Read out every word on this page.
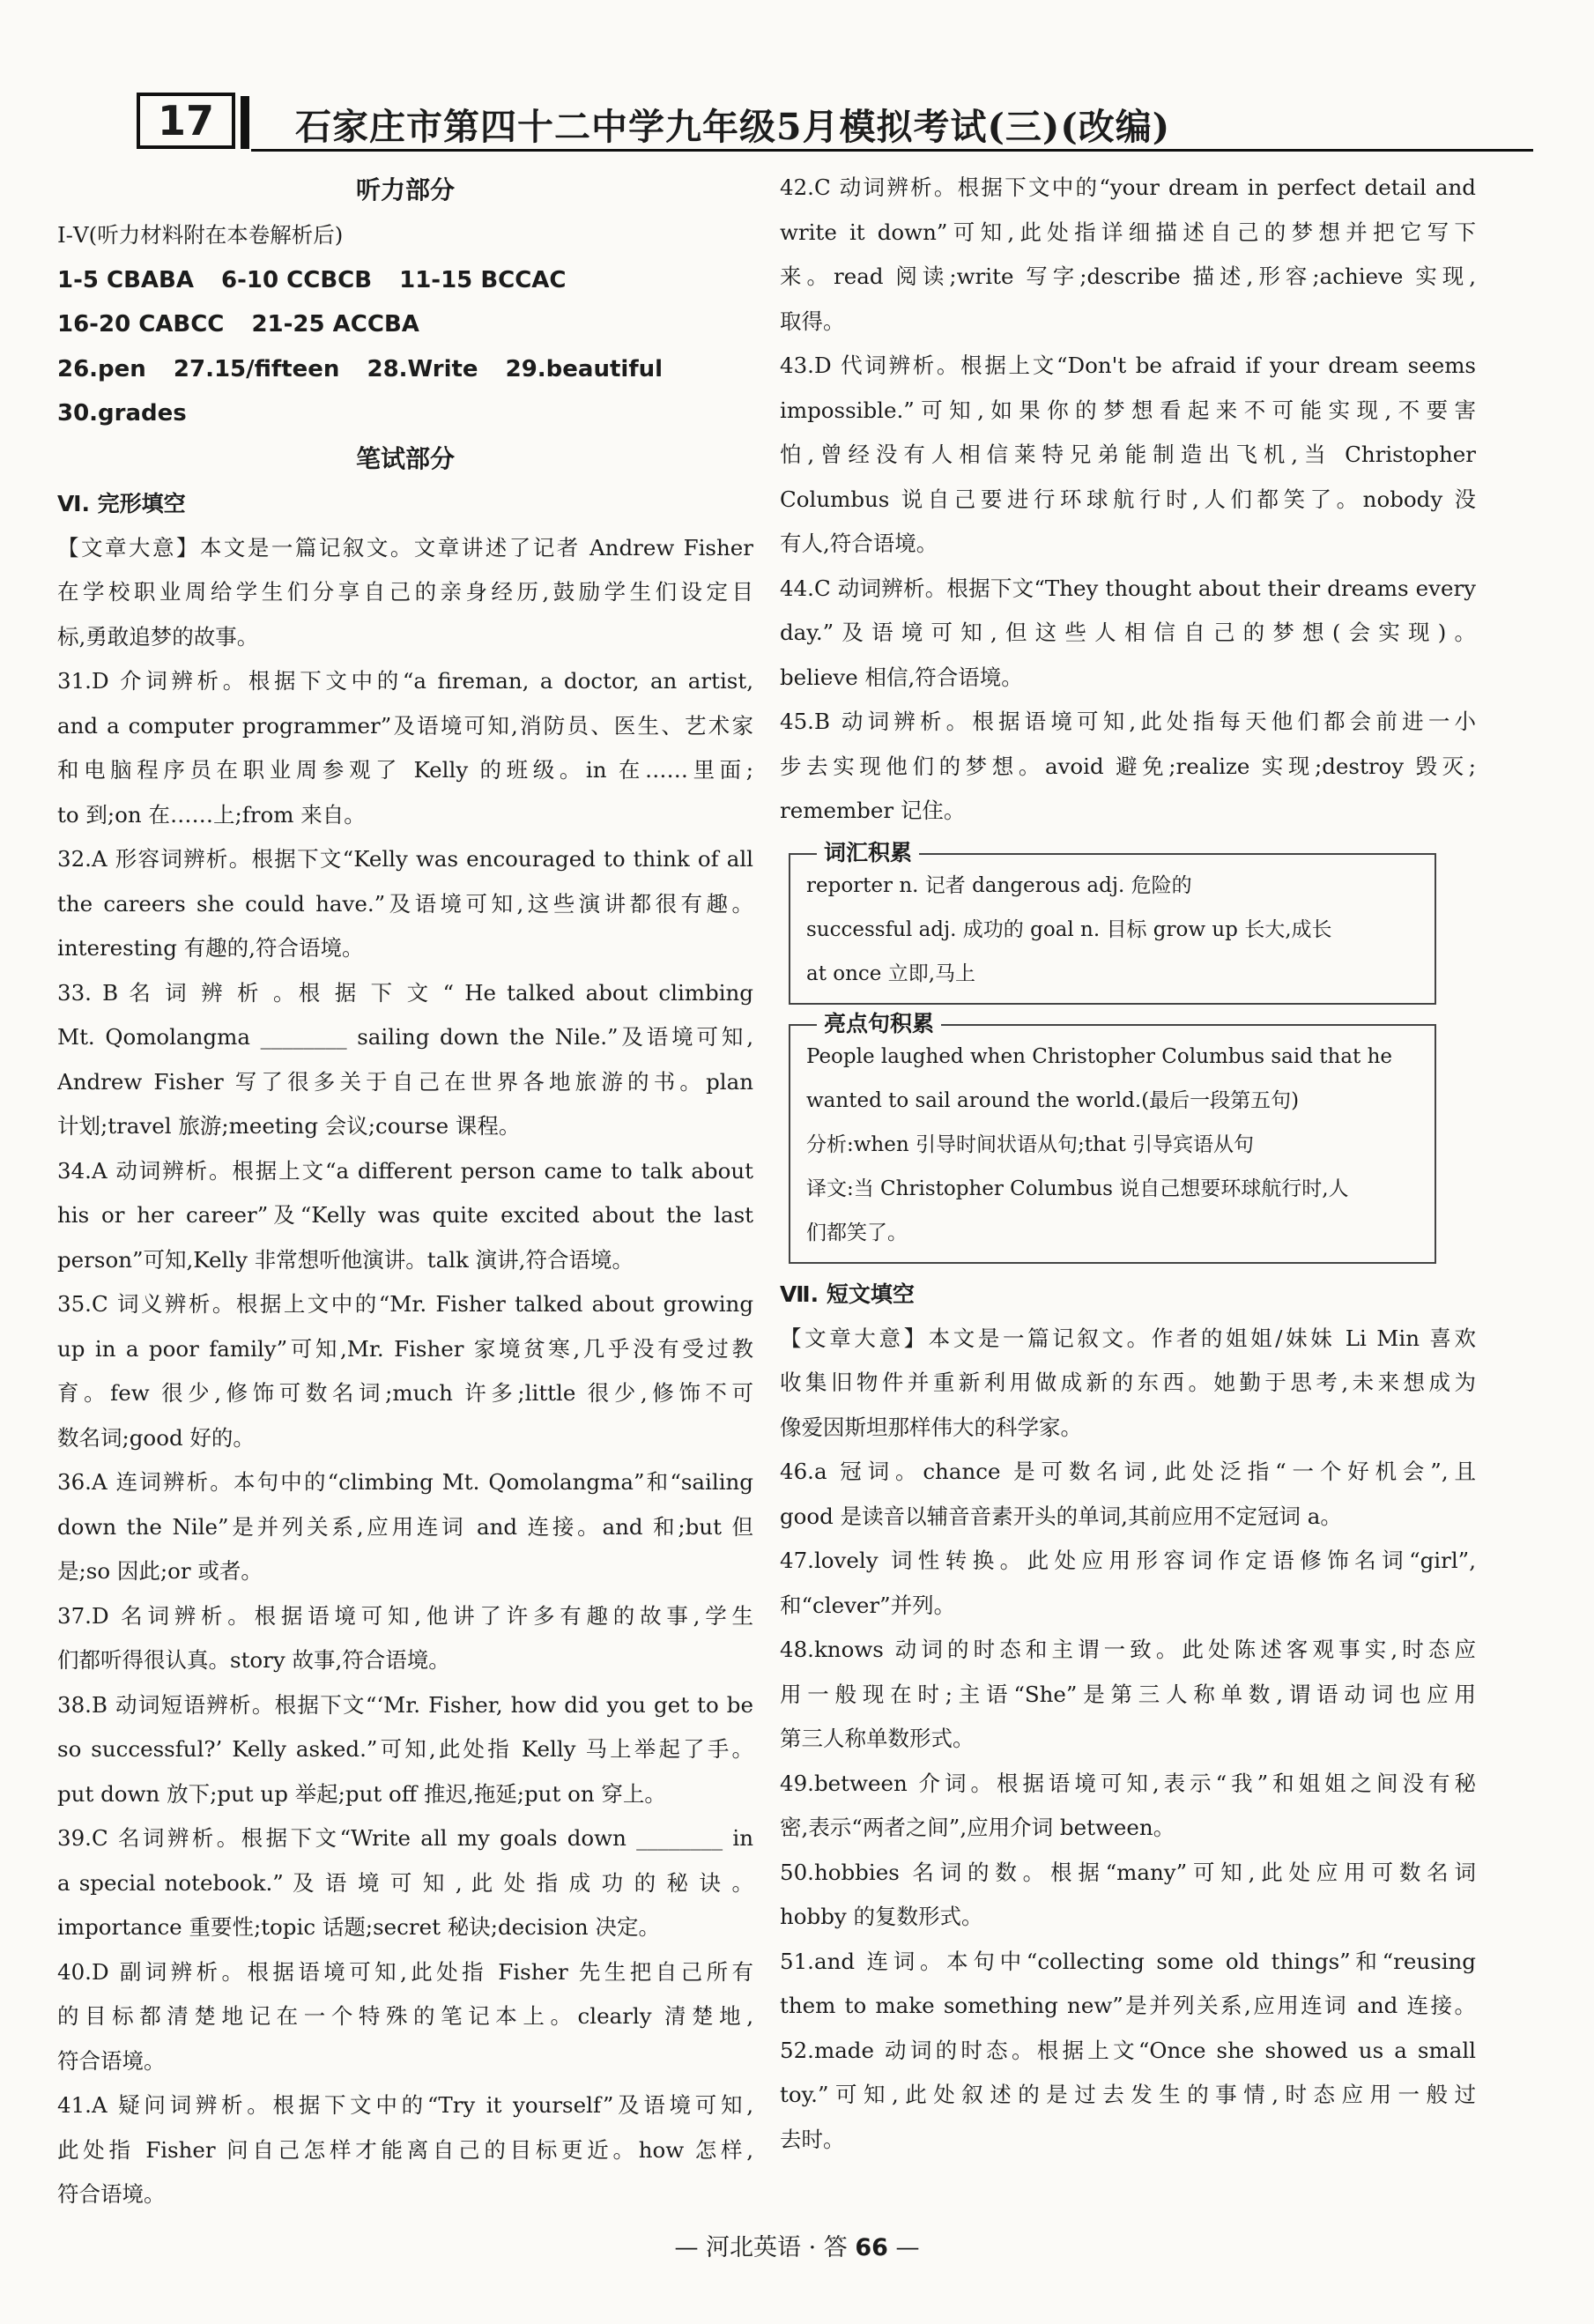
17	石家庄市第四十二中学九年级5月模拟考试(三)(改编)
听力部分
Ⅰ-Ⅴ(听力材料附在本卷解析后)
1-5 CBABA 6-10 CCBCB 11-15 BCCAC
16-20 CABCC 21-25 ACCBA
26.pen 27.15/fifteen 28.Write 29.beautiful
30.grades
笔试部分
Ⅵ. 完形填空
【文章大意】本文是一篇记叙文。文章讲述了记者 Andrew Fisher
在学校职业周给学生们分享自己的亲身经历,鼓励学生们设定目
标,勇敢追梦的故事。
31.D 介词辨析。根据下文中的“a fireman, a doctor, an artist,
and a computer programmer”及语境可知,消防员、医生、艺术家
和电脑程序员在职业周参观了 Kelly 的班级。in 在……里面;
to 到;on 在……上;from 来自。
32.A 形容词辨析。根据下文“Kelly was encouraged to think of all
the careers she could have.”及语境可知,这些演讲都很有趣。
interesting 有趣的,符合语境。
33. B 名 词 辨 析 。根 据 下 文 “ He talked about climbing
Mt. Qomolangma ________ sailing down the Nile.”及语境可知,
Andrew Fisher 写了很多关于自己在世界各地旅游的书。plan
计划;travel 旅游;meeting 会议;course 课程。
34.A 动词辨析。根据上文“a different person came to talk about
his or her career”及“Kelly was quite excited about the last
person”可知,Kelly 非常想听他演讲。talk 演讲,符合语境。
35.C 词义辨析。根据上文中的“Mr. Fisher talked about growing
up in a poor family”可知,Mr. Fisher 家境贫寒,几乎没有受过教
育。few 很少,修饰可数名词;much 许多;little 很少,修饰不可
数名词;good 好的。
36.A 连词辨析。本句中的“climbing Mt. Qomolangma”和“sailing
down the Nile”是并列关系,应用连词 and 连接。and 和;but 但
是;so 因此;or 或者。
37.D 名词辨析。根据语境可知,他讲了许多有趣的故事,学生
们都听得很认真。story 故事,符合语境。
38.B 动词短语辨析。根据下文“‘Mr. Fisher, how did you get to be
so successful?’ Kelly asked.”可知,此处指 Kelly 马上举起了手。
put down 放下;put up 举起;put off 推迟,拖延;put on 穿上。
39.C 名词辨析。根据下文“Write all my goals down ________ in
a special notebook.” 及 语 境 可 知 , 此 处 指 成 功 的 秘 诀 。
importance 重要性;topic 话题;secret 秘诀;decision 决定。
40.D 副词辨析。根据语境可知,此处指 Fisher 先生把自己所有
的目标都清楚地记在一个特殊的笔记本上。clearly 清楚地,
符合语境。
41.A 疑问词辨析。根据下文中的“Try it yourself”及语境可知,
此处指 Fisher 问自己怎样才能离自己的目标更近。how 怎样,
符合语境。
42.C 动词辨析。根据下文中的“your dream in perfect detail and
write it down”可知,此处指详细描述自己的梦想并把它写下
来。read 阅读;write 写字;describe 描述,形容;achieve 实现,
取得。
43.D 代词辨析。根据上文“Don't be afraid if your dream seems
impossible.”可知,如果你的梦想看起来不可能实现,不要害
怕,曾经没有人相信莱特兄弟能制造出飞机,当 Christopher
Columbus 说自己要进行环球航行时,人们都笑了。nobody 没
有人,符合语境。
44.C 动词辨析。根据下文“They thought about their dreams every
day.”及语境可知,但这些人相信自己的梦想(会实现)。
believe 相信,符合语境。
45.B 动词辨析。根据语境可知,此处指每天他们都会前进一小
步去实现他们的梦想。avoid 避免;realize 实现;destroy 毁灭;
remember 记住。
词汇积累
reporter n. 记者 dangerous adj. 危险的
successful adj. 成功的 goal n. 目标 grow up 长大,成长
at once 立即,马上
亮点句积累
People laughed when Christopher Columbus said that he
wanted to sail around the world.(最后一段第五句)
分析:when 引导时间状语从句;that 引导宾语从句
译文:当 Christopher Columbus 说自己想要环球航行时,人
们都笑了。
Ⅶ. 短文填空
【文章大意】本文是一篇记叙文。作者的姐姐/妹妹 Li Min 喜欢
收集旧物件并重新利用做成新的东西。她勤于思考,未来想成为
像爱因斯坦那样伟大的科学家。
46.a 冠词。chance 是可数名词,此处泛指“一个好机会”,且
good 是读音以辅音音素开头的单词,其前应用不定冠词 a。
47.lovely 词性转换。此处应用形容词作定语修饰名词“girl”,
和“clever”并列。
48.knows 动词的时态和主谓一致。此处陈述客观事实,时态应
用一般现在时;主语“She”是第三人称单数,谓语动词也应用
第三人称单数形式。
49.between 介词。根据语境可知,表示“我”和姐姐之间没有秘
密,表示“两者之间”,应用介词 between。
50.hobbies 名词的数。根据“many”可知,此处应用可数名词
hobby 的复数形式。
51.and 连词。本句中“collecting some old things”和“reusing
them to make something new”是并列关系,应用连词 and 连接。
52.made 动词的时态。根据上文“Once she showed us a small
toy.”可知,此处叙述的是过去发生的事情,时态应用一般过
去时。
— 河北英语 · 答 66 —
